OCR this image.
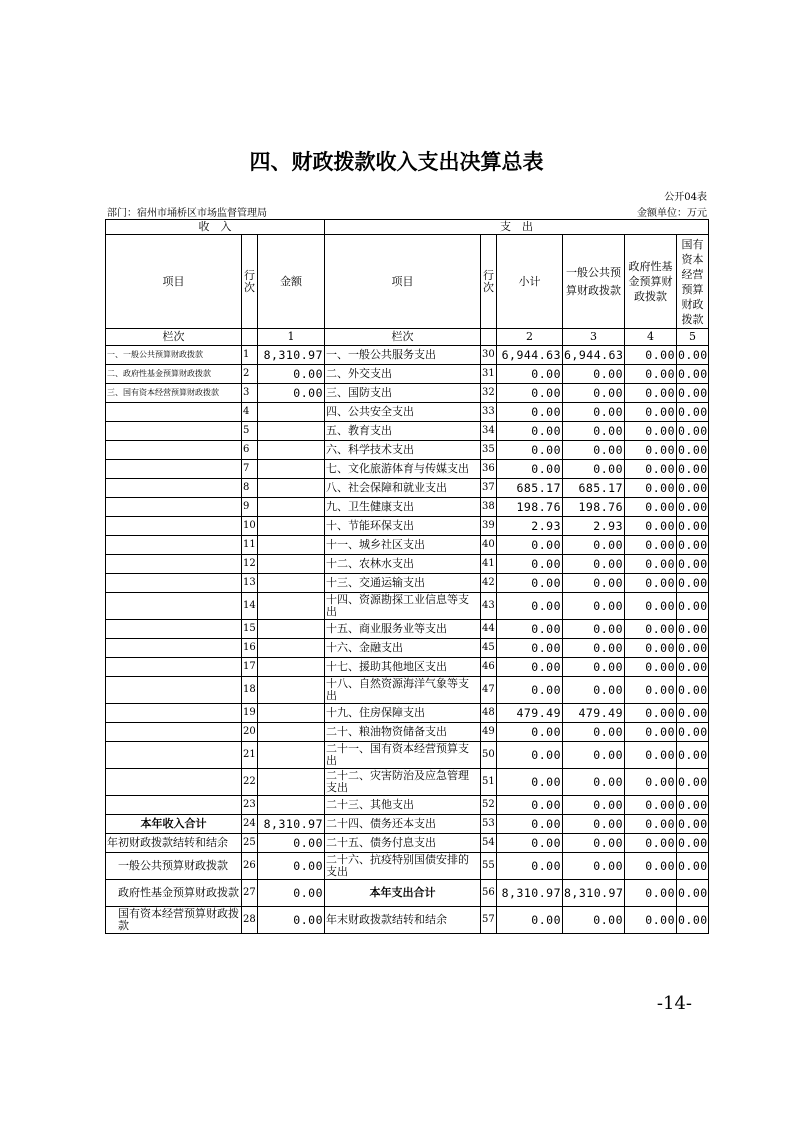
四、财政拨款收入支出决算总表
公开04表
部门：宿州市埇桥区市场监督管理局	金额单位：万元
收　入			支　出					
项目	行次	金额	项目	行次	小计	一般公共预算财政拨款	政府性基金预算财政拨款	国有资本经营预算财政拨款
栏次		1	栏次		2	3	4	5
一、一般公共预算财政拨款	1	8,310.97	一、一般公共服务支出	30	6,944.63	6,944.63	0.00	0.00
二、政府性基金预算财政拨款	2	0.00	二、外交支出	31	0.00	0.00	0.00	0.00
三、国有资本经营预算财政拨款	3	0.00	三、国防支出	32	0.00	0.00	0.00	0.00
	4		四、公共安全支出	33	0.00	0.00	0.00	0.00
	5		五、教育支出	34	0.00	0.00	0.00	0.00
	6		六、科学技术支出	35	0.00	0.00	0.00	0.00
	7		七、文化旅游体育与传媒支出	36	0.00	0.00	0.00	0.00
	8		八、社会保障和就业支出	37	685.17	685.17	0.00	0.00
	9		九、卫生健康支出	38	198.76	198.76	0.00	0.00
	10		十、节能环保支出	39	2.93	2.93	0.00	0.00
	11		十一、城乡社区支出	40	0.00	0.00	0.00	0.00
	12		十二、农林水支出	41	0.00	0.00	0.00	0.00
	13		十三、交通运输支出	42	0.00	0.00	0.00	0.00
	14		十四、资源勘探工业信息等支出	43	0.00	0.00	0.00	0.00
	15		十五、商业服务业等支出	44	0.00	0.00	0.00	0.00
	16		十六、金融支出	45	0.00	0.00	0.00	0.00
	17		十七、援助其他地区支出	46	0.00	0.00	0.00	0.00
	18		十八、自然资源海洋气象等支出	47	0.00	0.00	0.00	0.00
	19		十九、住房保障支出	48	479.49	479.49	0.00	0.00
	20		二十、粮油物资储备支出	49	0.00	0.00	0.00	0.00
	21		二十一、国有资本经营预算支出	50	0.00	0.00	0.00	0.00
	22		二十二、灾害防治及应急管理支出	51	0.00	0.00	0.00	0.00
	23		二十三、其他支出	52	0.00	0.00	0.00	0.00
本年收入合计	24	8,310.97	二十四、债务还本支出	53	0.00	0.00	0.00	0.00
年初财政拨款结转和结余	25	0.00	二十五、债务付息支出	54	0.00	0.00	0.00	0.00
一般公共预算财政拨款	26	0.00	二十六、抗疫特别国债安排的支出	55	0.00	0.00	0.00	0.00
政府性基金预算财政拨款	27	0.00	本年支出合计	56	8,310.97	8,310.97	0.00	0.00
国有资本经营预算财政拨款	28	0.00	年末财政拨款结转和结余	57	0.00	0.00	0.00	0.00
-14-
